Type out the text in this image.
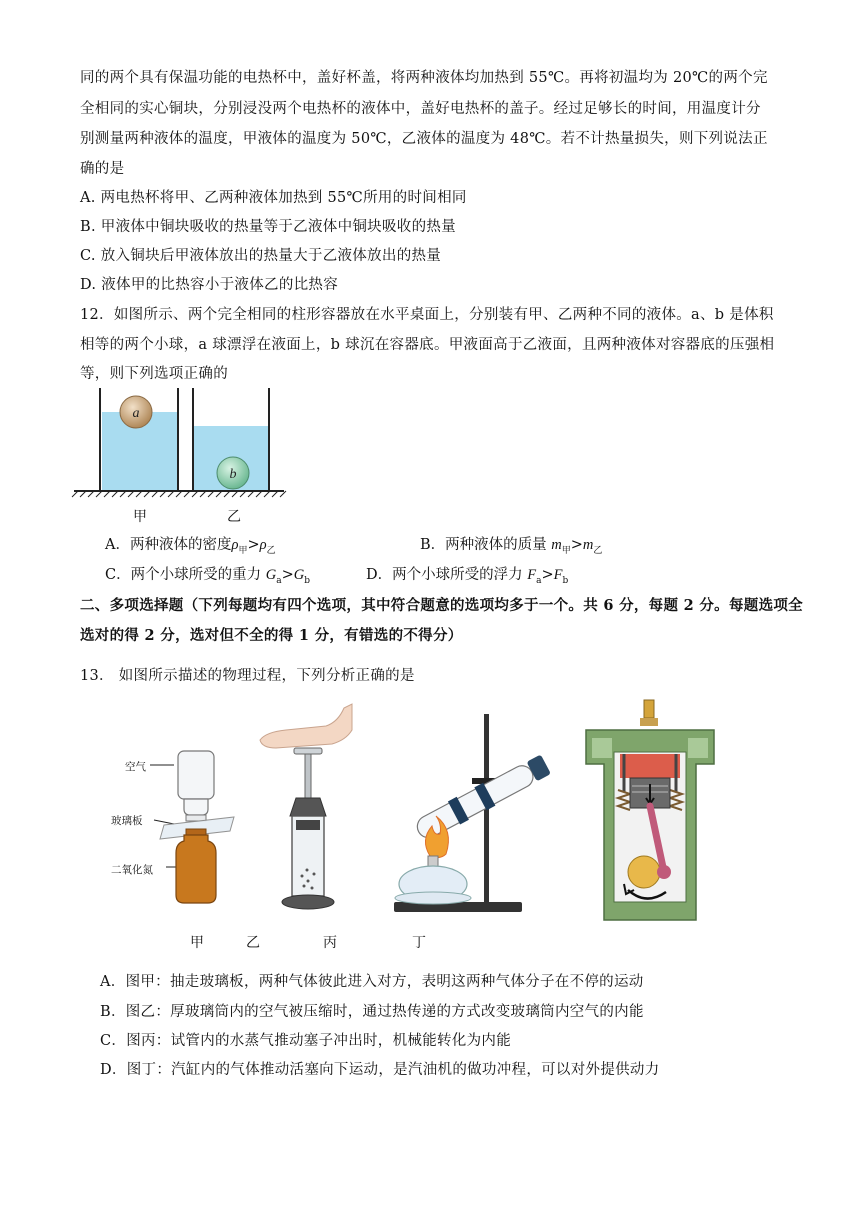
同的两个具有保温功能的电热杯中，盖好杯盖，将两种液体均加热到 55℃。再将初温均为 20℃的两个完
全相同的实心铜块，分别浸没两个电热杯的液体中，盖好电热杯的盖子。经过足够长的时间，用温度计分
别测量两种液体的温度，甲液体的温度为 50℃，乙液体的温度为 48℃。若不计热量损失，则下列说法正
确的是
A. 两电热杯将甲、乙两种液体加热到 55℃所用的时间相同
B. 甲液体中铜块吸收的热量等于乙液体中铜块吸收的热量
C. 放入铜块后甲液体放出的热量大于乙液体放出的热量
D. 液体甲的比热容小于液体乙的比热容
12．如图所示、两个完全相同的柱形容器放在水平桌面上，分别装有甲、乙两种不同的液体。a、b 是体积
相等的两个小球，a 球漂浮在液面上，b 球沉在容器底。甲液面高于乙液面，且两种液体对容器底的压强相
等，则下列选项正确的
a
b
甲	乙
A．两种液体的密度$\rho_甲>\rho_乙$	B．两种液体的质量 $m_甲>m_乙$
C．两个小球所受的重力 $G_a>G_b$	D．两个小球所受的浮力 $F_a>F_b$
二、多项选择题（下列每题均有四个选项，其中符合题意的选项均多于一个。共 6 分，每题 2 分。每题选项全
选对的得 2 分，选对但不全的得 1 分，有错选的不得分）
13． 如图所示描述的物理过程，下列分析正确的是
空气
玻璃板
二氧化氮
甲	乙	丙	丁
A．图甲：抽走玻璃板，两种气体彼此进入对方，表明这两种气体分子在不停的运动
B．图乙：厚玻璃筒内的空气被压缩时，通过热传递的方式改变玻璃筒内空气的内能
C．图丙：试管内的水蒸气推动塞子冲出时，机械能转化为内能
D．图丁：汽缸内的气体推动活塞向下运动，是汽油机的做功冲程，可以对外提供动力
